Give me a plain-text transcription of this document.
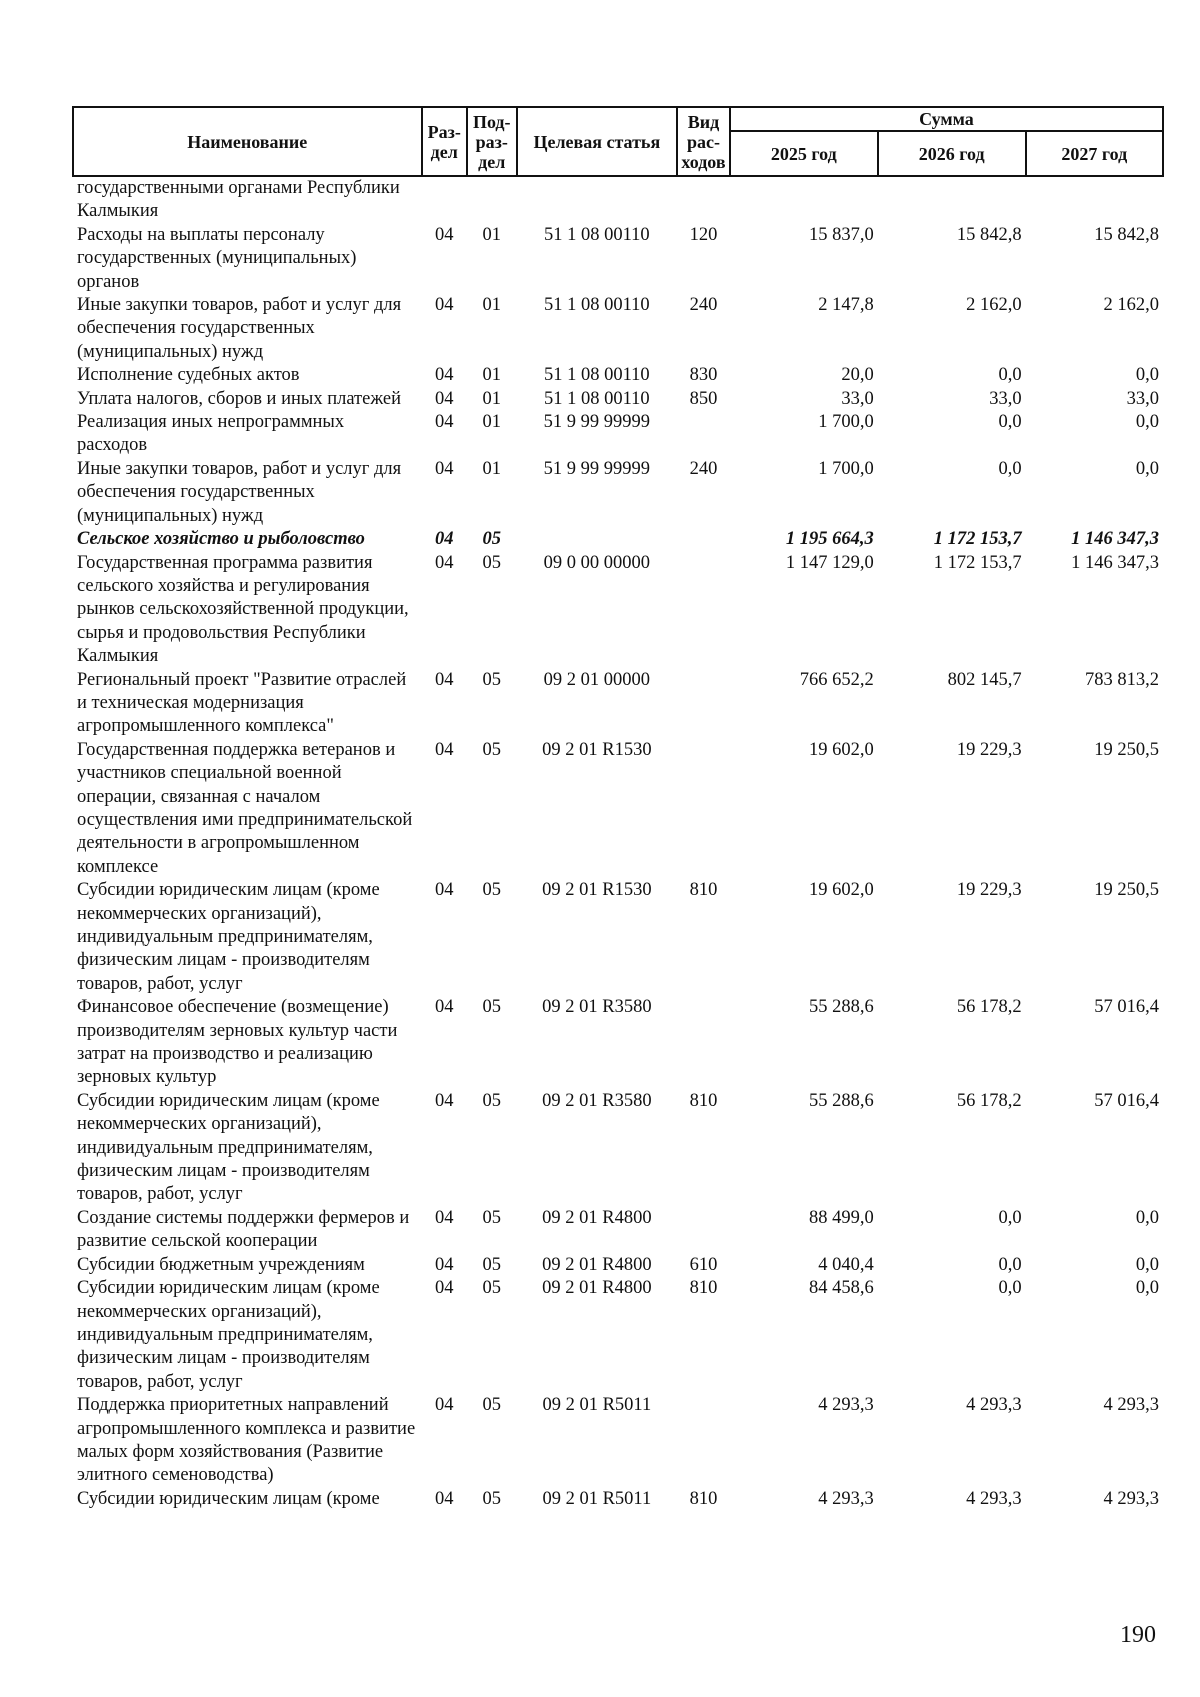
Наименование	Раз-дел	Под-раз-дел	Целевая статья	Вид рас-ходов	Сумма		
					2025 год	2026 год	2027 год
государственными органами Республики Калмыкия							
Расходы на выплаты персоналу государственных (муниципальных) органов	04	01	51 1 08 00110	120	15 837,0	15 842,8	15 842,8
Иные закупки товаров, работ и услуг для обеспечения государственных (муниципальных) нужд	04	01	51 1 08 00110	240	2 147,8	2 162,0	2 162,0
Исполнение судебных актов	04	01	51 1 08 00110	830	20,0	0,0	0,0
Уплата налогов, сборов и иных платежей	04	01	51 1 08 00110	850	33,0	33,0	33,0
Реализация иных непрограммных расходов	04	01	51 9 99 99999		1 700,0	0,0	0,0
Иные закупки товаров, работ и услуг для обеспечения государственных (муниципальных) нужд	04	01	51 9 99 99999	240	1 700,0	0,0	0,0
Сельское хозяйство и рыболовство	04	05			1 195 664,3	1 172 153,7	1 146 347,3
Государственная программа развития сельского хозяйства и регулирования рынков сельскохозяйственной продукции, сырья и продовольствия Республики Калмыкия	04	05	09 0 00 00000		1 147 129,0	1 172 153,7	1 146 347,3
Региональный проект "Развитие отраслей и техническая модернизация агропромышленного комплекса"	04	05	09 2 01 00000		766 652,2	802 145,7	783 813,2
Государственная поддержка ветеранов и участников специальной военной операции, связанная с началом осуществления ими предпринимательской деятельности в агропромышленном комплексе	04	05	09 2 01 R1530		19 602,0	19 229,3	19 250,5
Субсидии юридическим лицам (кроме некоммерческих организаций), индивидуальным предпринимателям, физическим лицам - производителям товаров, работ, услуг	04	05	09 2 01 R1530	810	19 602,0	19 229,3	19 250,5
Финансовое обеспечение (возмещение) производителям зерновых культур части затрат на производство и реализацию зерновых культур	04	05	09 2 01 R3580		55 288,6	56 178,2	57 016,4
Субсидии юридическим лицам (кроме некоммерческих организаций), индивидуальным предпринимателям, физическим лицам - производителям товаров, работ, услуг	04	05	09 2 01 R3580	810	55 288,6	56 178,2	57 016,4
Создание системы поддержки фермеров и развитие сельской кооперации	04	05	09 2 01 R4800		88 499,0	0,0	0,0
Субсидии бюджетным учреждениям	04	05	09 2 01 R4800	610	4 040,4	0,0	0,0
Субсидии юридическим лицам (кроме некоммерческих организаций), индивидуальным предпринимателям, физическим лицам - производителям товаров, работ, услуг	04	05	09 2 01 R4800	810	84 458,6	0,0	0,0
Поддержка приоритетных направлений агропромышленного комплекса и развитие малых форм хозяйствования (Развитие элитного семеноводства)	04	05	09 2 01 R5011		4 293,3	4 293,3	4 293,3
Субсидии юридическим лицам (кроме	04	05	09 2 01 R5011	810	4 293,3	4 293,3	4 293,3
190
